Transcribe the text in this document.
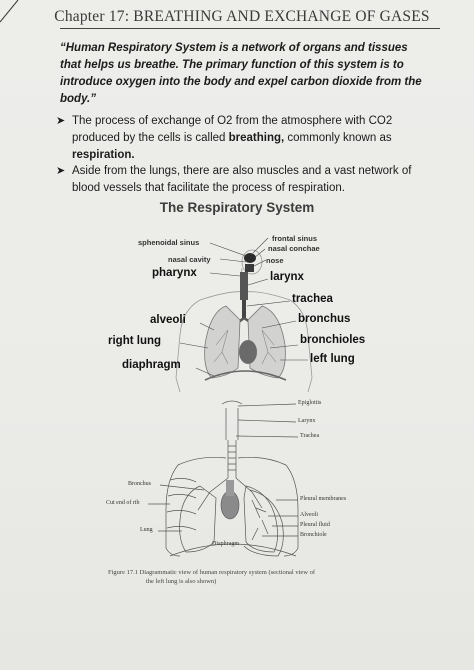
Chapter 17: BREATHING AND EXCHANGE OF GASES
“Human Respiratory System is a network of organs and tissues
that helps us breathe. The primary function of this system is to
introduce oxygen into the body and expel carbon dioxide from the
body.”
➤ The process of exchange of O2 from the atmosphere with CO2
produced by the cells is called breathing, commonly known as
respiration.
➤ Aside from the lungs, there are also muscles and a vast network of
blood vessels that facilitate the process of respiration.
The Respiratory System
frontal sinus
nasal conchae
sphenoidal sinus
nose
nasal cavity
pharynx	larynx
trachea
alveoli	bronchus
bronchioles
right lung
left lung
diaphragm
Epiglottis
Larynx
Trachea
Bronchus
Cut end of rib
Lung
Pleural membranes
Alveoli
Pleural fluid
Bronchiole
Diaphragm
Figure 17.1 Diagrammatic view of human respiratory system (sectional view of
the left lung is also shown)
